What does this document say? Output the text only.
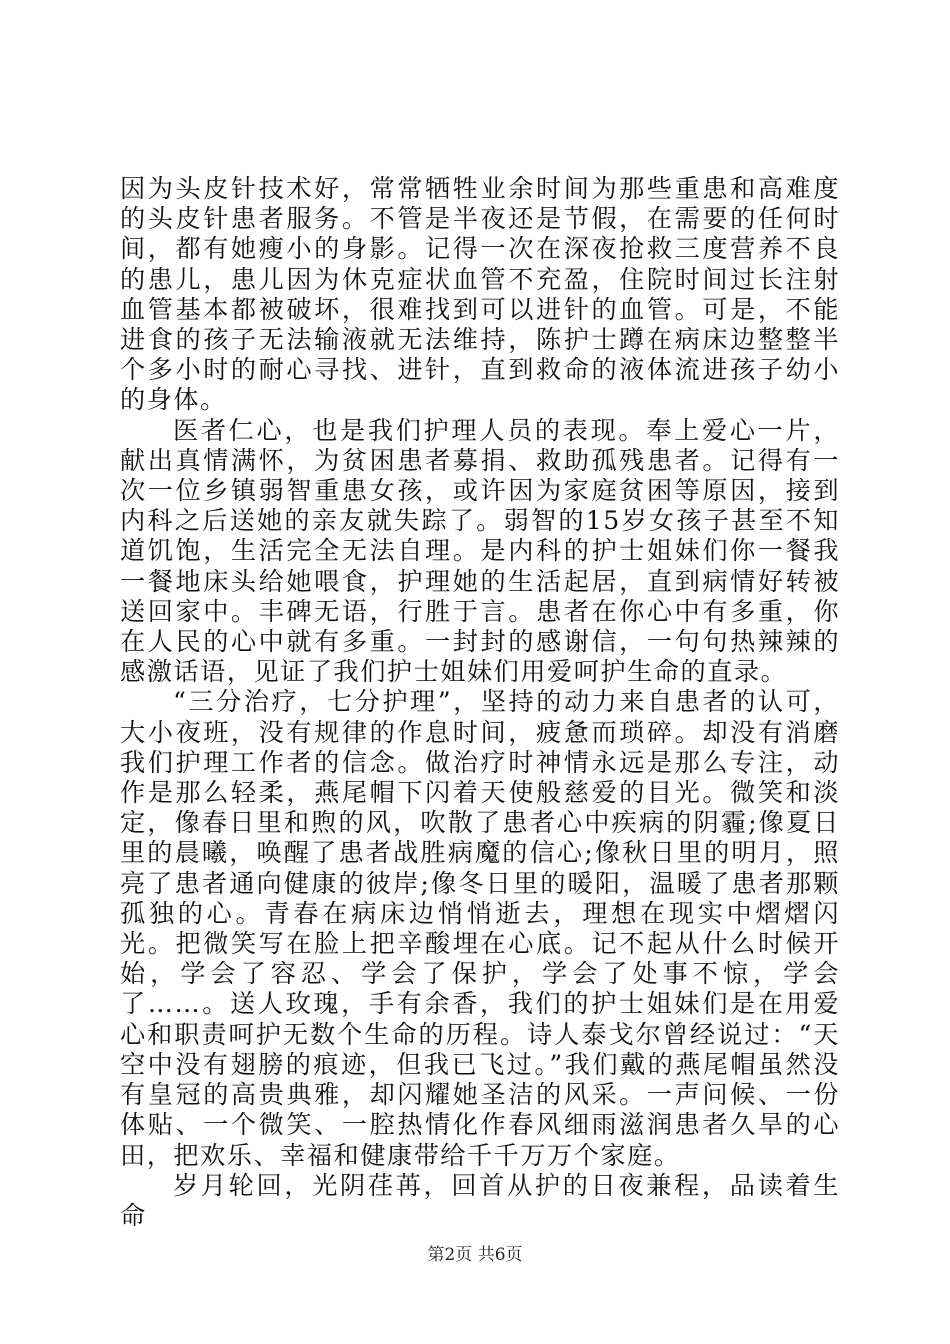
因为头皮针技术好，常常牺牲业余时间为那些重患和高难度的头皮针患者服务。不管是半夜还是节假，在需要的任何时间，都有她瘦小的身影。记得一次在深夜抢救三度营养不良的患儿，患儿因为休克症状血管不充盈，住院时间过长注射血管基本都被破坏，很难找到可以进针的血管。可是，不能进食的孩子无法输液就无法维持，陈护士蹲在病床边整整半个多小时的耐心寻找、进针，直到救命的液体流进孩子幼小的身体。

医者仁心，也是我们护理人员的表现。奉上爱心一片，献出真情满怀，为贫困患者募捐、救助孤残患者。记得有一次一位乡镇弱智重患女孩，或许因为家庭贫困等原因，接到内科之后送她的亲友就失踪了。弱智的15岁女孩子甚至不知道饥饱，生活完全无法自理。是内科的护士姐妹们你一餐我一餐地床头给她喂食，护理她的生活起居，直到病情好转被送回家中。丰碑无语，行胜于言。患者在你心中有多重，你在人民的心中就有多重。一封封的感谢信，一句句热辣辣的感激话语，见证了我们护士姐妹们用爱呵护生命的直录。

“三分治疗，七分护理”，坚持的动力来自患者的认可，大小夜班，没有规律的作息时间，疲惫而琐碎。却没有消磨我们护理工作者的信念。做治疗时神情永远是那么专注，动作是那么轻柔，燕尾帽下闪着天使般慈爱的目光。微笑和淡定，像春日里和煦的风，吹散了患者心中疾病的阴霾;像夏日里的晨曦，唤醒了患者战胜病魔的信心;像秋日里的明月，照亮了患者通向健康的彼岸;像冬日里的暖阳，温暖了患者那颗孤独的心。青春在病床边悄悄逝去，理想在现实中熠熠闪光。把微笑写在脸上把辛酸埋在心底。记不起从什么时候开始，学会了容忍、学会了保护，学会了处事不惊，学会了……。送人玫瑰，手有余香，我们的护士姐妹们是在用爱心和职责呵护无数个生命的历程。诗人泰戈尔曾经说过：“天空中没有翅膀的痕迹，但我已飞过。”我们戴的燕尾帽虽然没有皇冠的高贵典雅，却闪耀她圣洁的风采。一声问候、一份体贴、一个微笑、一腔热情化作春风细雨滋润患者久旱的心田，把欢乐、幸福和健康带给千千万万个家庭。

岁月轮回，光阴荏苒，回首从护的日夜兼程，品读着生命

第2页 共6页
